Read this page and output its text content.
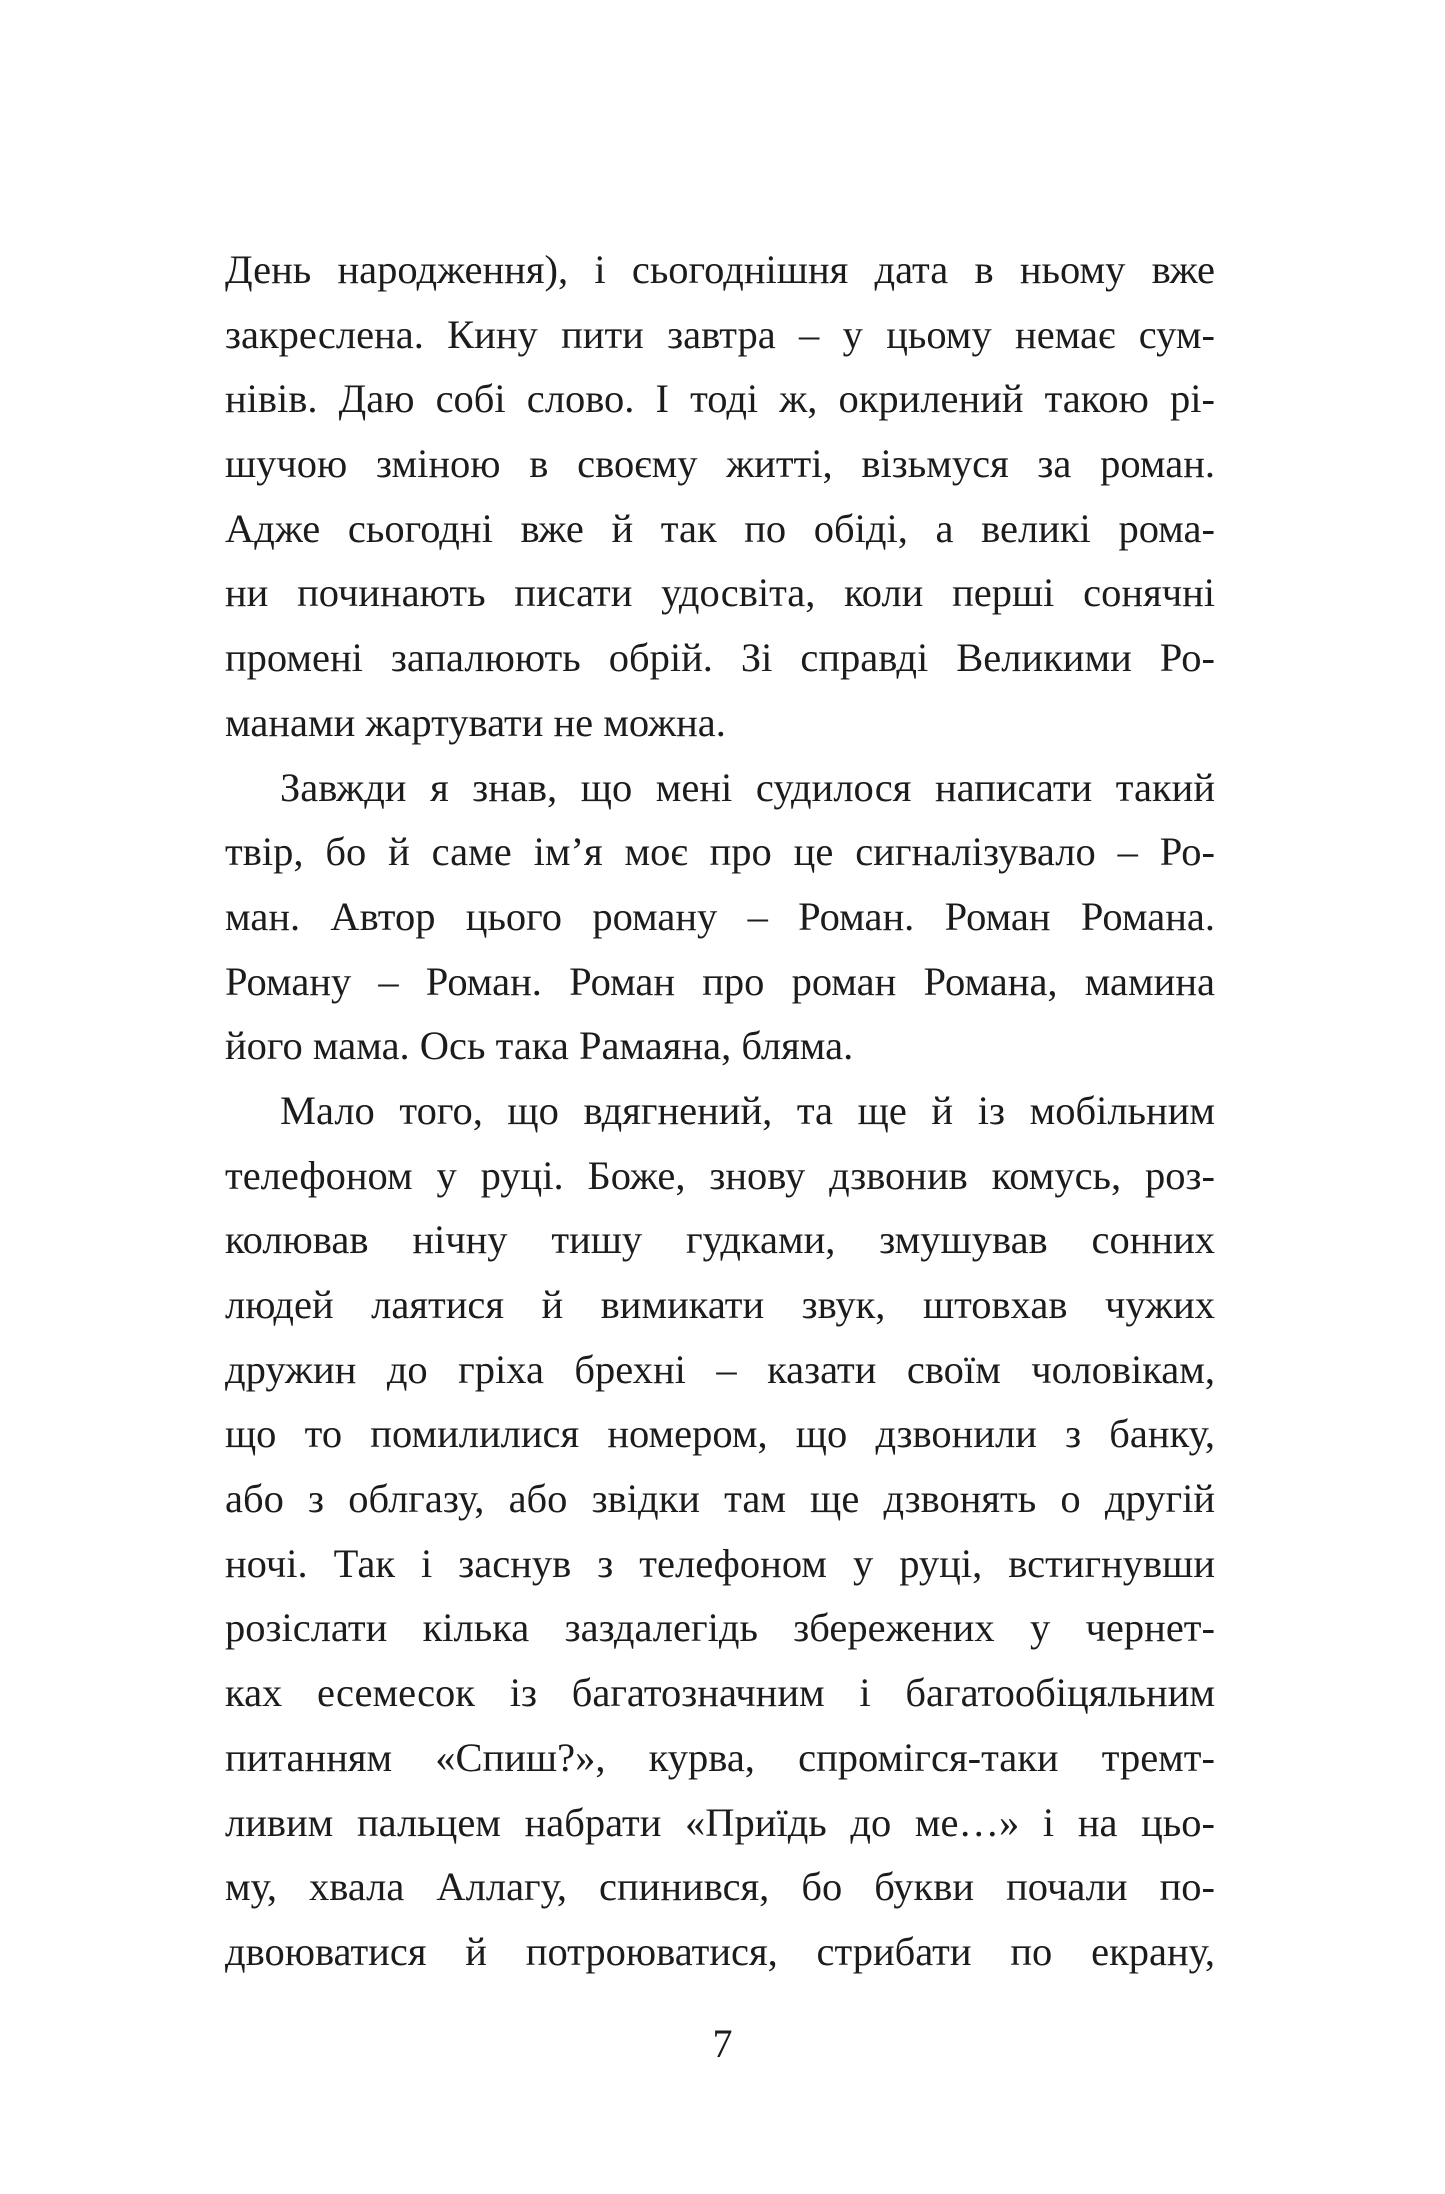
День народження), і сьогоднішня дата в ньому вже
закреслена. Кину пити завтра – у цьому немає сум-
нівів. Даю собі слово. І тоді ж, окрилений такою рі-
шучою зміною в своєму житті, візьмуся за роман.
Адже сьогодні вже й так по обіді, а великі рома-
ни починають писати удосвіта, коли перші сонячні
промені запалюють обрій. Зі справді Великими Ро-
манами жартувати не можна.
Завжди я знав, що мені судилося написати такий
твір, бо й саме ім’я моє про це сигналізувало – Ро-
ман. Автор цього роману – Роман. Роман Романа.
Роману – Роман. Роман про роман Романа, мамина
його мама. Ось така Рамаяна, бляма.
Мало того, що вдягнений, та ще й із мобільним
телефоном у руці. Боже, знову дзвонив комусь, роз-
колював нічну тишу гудками, змушував сонних
людей лаятися й вимикати звук, штовхав чужих
дружин до гріха брехні – казати своїм чоловікам,
що то помилилися номером, що дзвонили з банку,
або з облгазу, або звідки там ще дзвонять о другій
ночі. Так і заснув з телефоном у руці, встигнувши
розіслати кілька заздалегідь збережених у чернет-
ках есемесок із багатозначним і багатообіцяльним
питанням «Спиш?», курва, спромігся-таки тремт-
ливим пальцем набрати «Приїдь до ме…» і на цьо-
му, хвала Аллагу, спинився, бо букви почали по-
двоюватися й потроюватися, стрибати по екрану,
7
